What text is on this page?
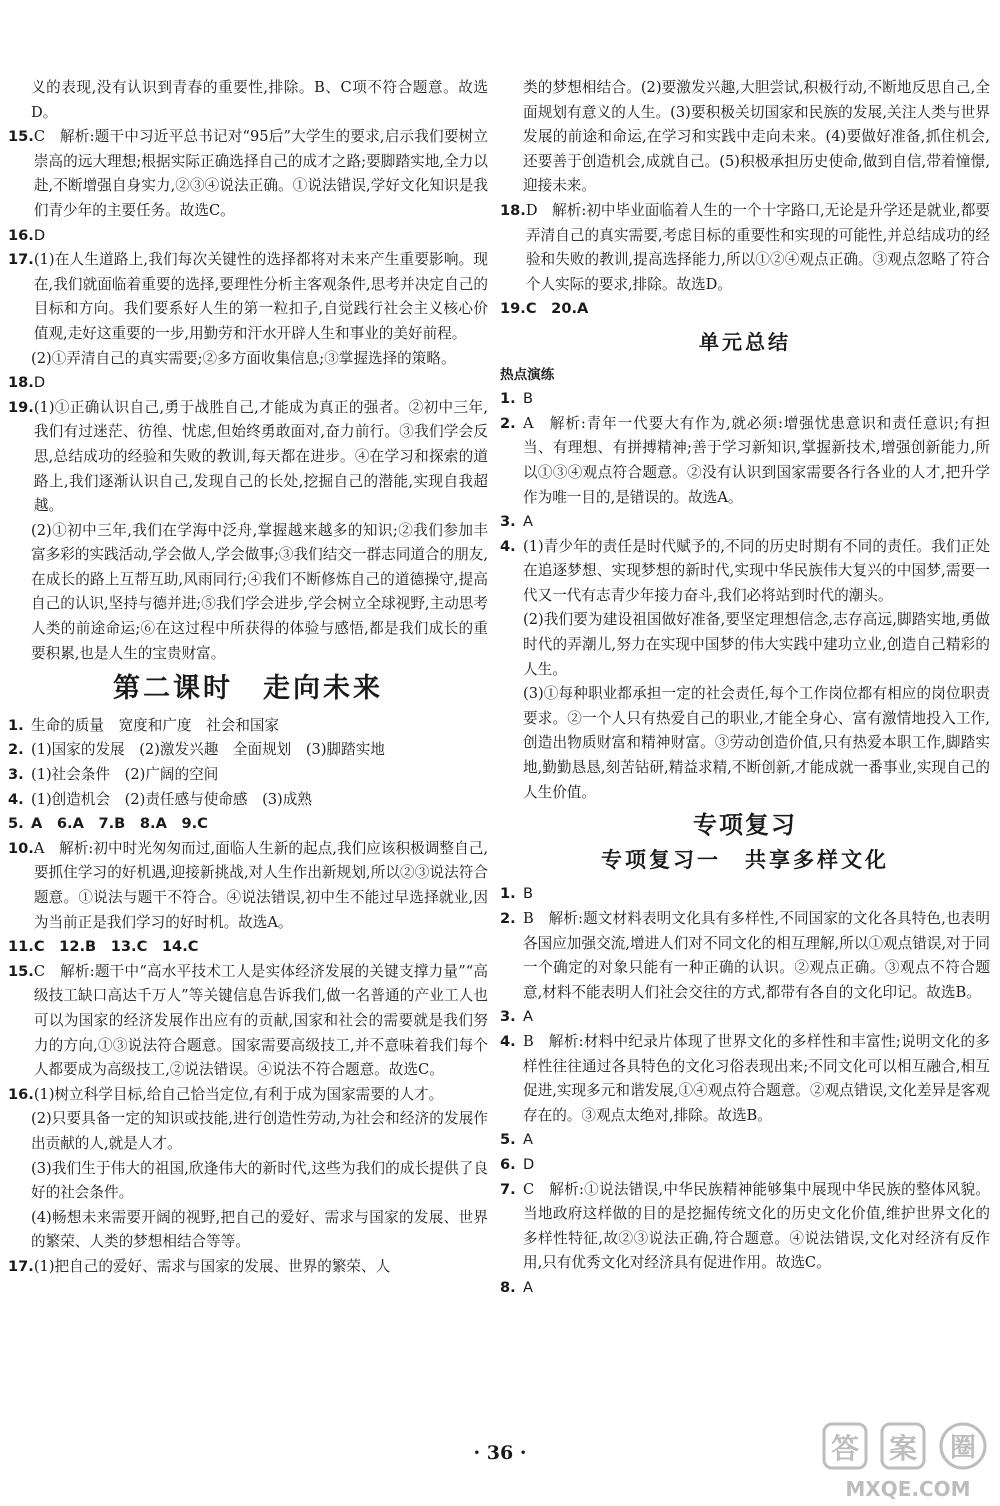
义的表现,没有认识到青春的重要性,排除。B、C项不符合题意。故选D。
15. C　解析:题干中习近平总书记对“95后”大学生的要求,启示我们要树立崇高的远大理想;根据实际正确选择自己的成才之路;要脚踏实地,全力以赴,不断增强自身实力,②③④说法正确。①说法错误,学好文化知识是我们青少年的主要任务。故选C。
16. D
17. (1)在人生道路上,我们每次关键性的选择都将对未来产生重要影响。现在,我们就面临着重要的选择,要理性分析主客观条件,思考并决定自己的目标和方向。我们要系好人生的第一粒扣子,自觉践行社会主义核心价值观,走好这重要的一步,用勤劳和汗水开辟人生和事业的美好前程。
(2)①弄清自己的真实需要;②多方面收集信息;③掌握选择的策略。
18. D
19. (1)①正确认识自己,勇于战胜自己,才能成为真正的强者。②初中三年,我们有过迷茫、彷徨、忧虑,但始终勇敢面对,奋力前行。③我们学会反思,总结成功的经验和失败的教训,每天都在进步。④在学习和探索的道路上,我们逐渐认识自己,发现自己的长处,挖掘自己的潜能,实现自我超越。
(2)①初中三年,我们在学海中泛舟,掌握越来越多的知识;②我们参加丰富多彩的实践活动,学会做人,学会做事;③我们结交一群志同道合的朋友,在成长的路上互帮互助,风雨同行;④我们不断修炼自己的道德操守,提高自己的认识,坚持与德并进;⑤我们学会进步,学会树立全球视野,主动思考人类的前途命运;⑥在这过程中所获得的体验与感悟,都是我们成长的重要积累,也是人生的宝贵财富。
第二课时　走向未来
1. 生命的质量　宽度和广度　社会和国家
2. (1)国家的发展　(2)激发兴趣　全面规划　(3)脚踏实地
3. (1)社会条件　(2)广阔的空间
4. (1)创造机会　(2)责任感与使命感　(3)成熟
5. A　6.A　7.B　8.A　9.C
10. A　解析:初中时光匆匆而过,面临人生新的起点,我们应该积极调整自己,要抓住学习的好机遇,迎接新挑战,对人生作出新规划,所以②③说法符合题意。①说法与题干不符合。④说法错误,初中生不能过早选择就业,因为当前正是我们学习的好时机。故选A。
11. C　12.B　13.C　14.C
15. C　解析:题干中“高水平技术工人是实体经济发展的关键支撑力量”“高级技工缺口高达千万人”等关键信息告诉我们,做一名普通的产业工人也可以为国家的经济发展作出应有的贡献,国家和社会的需要就是我们努力的方向,①③说法符合题意。国家需要高级技工,并不意味着我们每个人都要成为高级技工,②说法错误。④说法不符合题意。故选C。
16. (1)树立科学目标,给自己恰当定位,有利于成为国家需要的人才。
(2)只要具备一定的知识或技能,进行创造性劳动,为社会和经济的发展作出贡献的人,就是人才。
(3)我们生于伟大的祖国,欣逢伟大的新时代,这些为我们的成长提供了良好的社会条件。
(4)畅想未来需要开阔的视野,把自己的爱好、需求与国家的发展、世界的繁荣、人类的梦想相结合等等。
17. (1)把自己的爱好、需求与国家的发展、世界的繁荣、人
类的梦想相结合。(2)要激发兴趣,大胆尝试,积极行动,不断地反思自己,全面规划有意义的人生。(3)要积极关切国家和民族的发展,关注人类与世界发展的前途和命运,在学习和实践中走向未来。(4)要做好准备,抓住机会,还要善于创造机会,成就自己。(5)积极承担历史使命,做到自信,带着憧憬,迎接未来。
18. D　解析:初中毕业面临着人生的一个十字路口,无论是升学还是就业,都要弄清自己的真实需要,考虑目标的重要性和实现的可能性,并总结成功的经验和失败的教训,提高选择能力,所以①②④观点正确。③观点忽略了符合个人实际的要求,排除。故选D。
19. C　20.A
单元总结
热点演练
1. B
2. A　解析:青年一代要大有作为,就必须:增强忧患意识和责任意识;有担当、有理想、有拼搏精神;善于学习新知识,掌握新技术,增强创新能力,所以①③④观点符合题意。②没有认识到国家需要各行各业的人才,把升学作为唯一目的,是错误的。故选A。
3. A
4. (1)青少年的责任是时代赋予的,不同的历史时期有不同的责任。我们正处在追逐梦想、实现梦想的新时代,实现中华民族伟大复兴的中国梦,需要一代又一代有志青少年接力奋斗,我们必将站到时代的潮头。
(2)我们要为建设祖国做好准备,要坚定理想信念,志存高远,脚踏实地,勇做时代的弄潮儿,努力在实现中国梦的伟大实践中建功立业,创造自己精彩的人生。
(3)①每种职业都承担一定的社会责任,每个工作岗位都有相应的岗位职责要求。②一个人只有热爱自己的职业,才能全身心、富有激情地投入工作,创造出物质财富和精神财富。③劳动创造价值,只有热爱本职工作,脚踏实地,勤勤恳恳,刻苦钻研,精益求精,不断创新,才能成就一番事业,实现自己的人生价值。
专项复习
专项复习一　共享多样文化
1. B
2. B　解析:题文材料表明文化具有多样性,不同国家的文化各具特色,也表明各国应加强交流,增进人们对不同文化的相互理解,所以①观点错误,对于同一个确定的对象只能有一种正确的认识。②观点正确。③观点不符合题意,材料不能表明人们社会交往的方式,都带有各自的文化印记。故选B。
3. A
4. B　解析:材料中纪录片体现了世界文化的多样性和丰富性;说明文化的多样性往往通过各具特色的文化习俗表现出来;不同文化可以相互融合,相互促进,实现多元和谐发展,①④观点符合题意。②观点错误,文化差异是客观存在的。③观点太绝对,排除。故选B。
5. A
6. D
7. C　解析:①说法错误,中华民族精神能够集中展现中华民族的整体风貌。当地政府这样做的目的是挖掘传统文化的历史文化价值,维护世界文化的多样性特征,故②③说法正确,符合题意。④说法错误,文化对经济有反作用,只有优秀文化对经济具有促进作用。故选C。
8. A
· 36 ·	答 案 圈
MXQE.COM
